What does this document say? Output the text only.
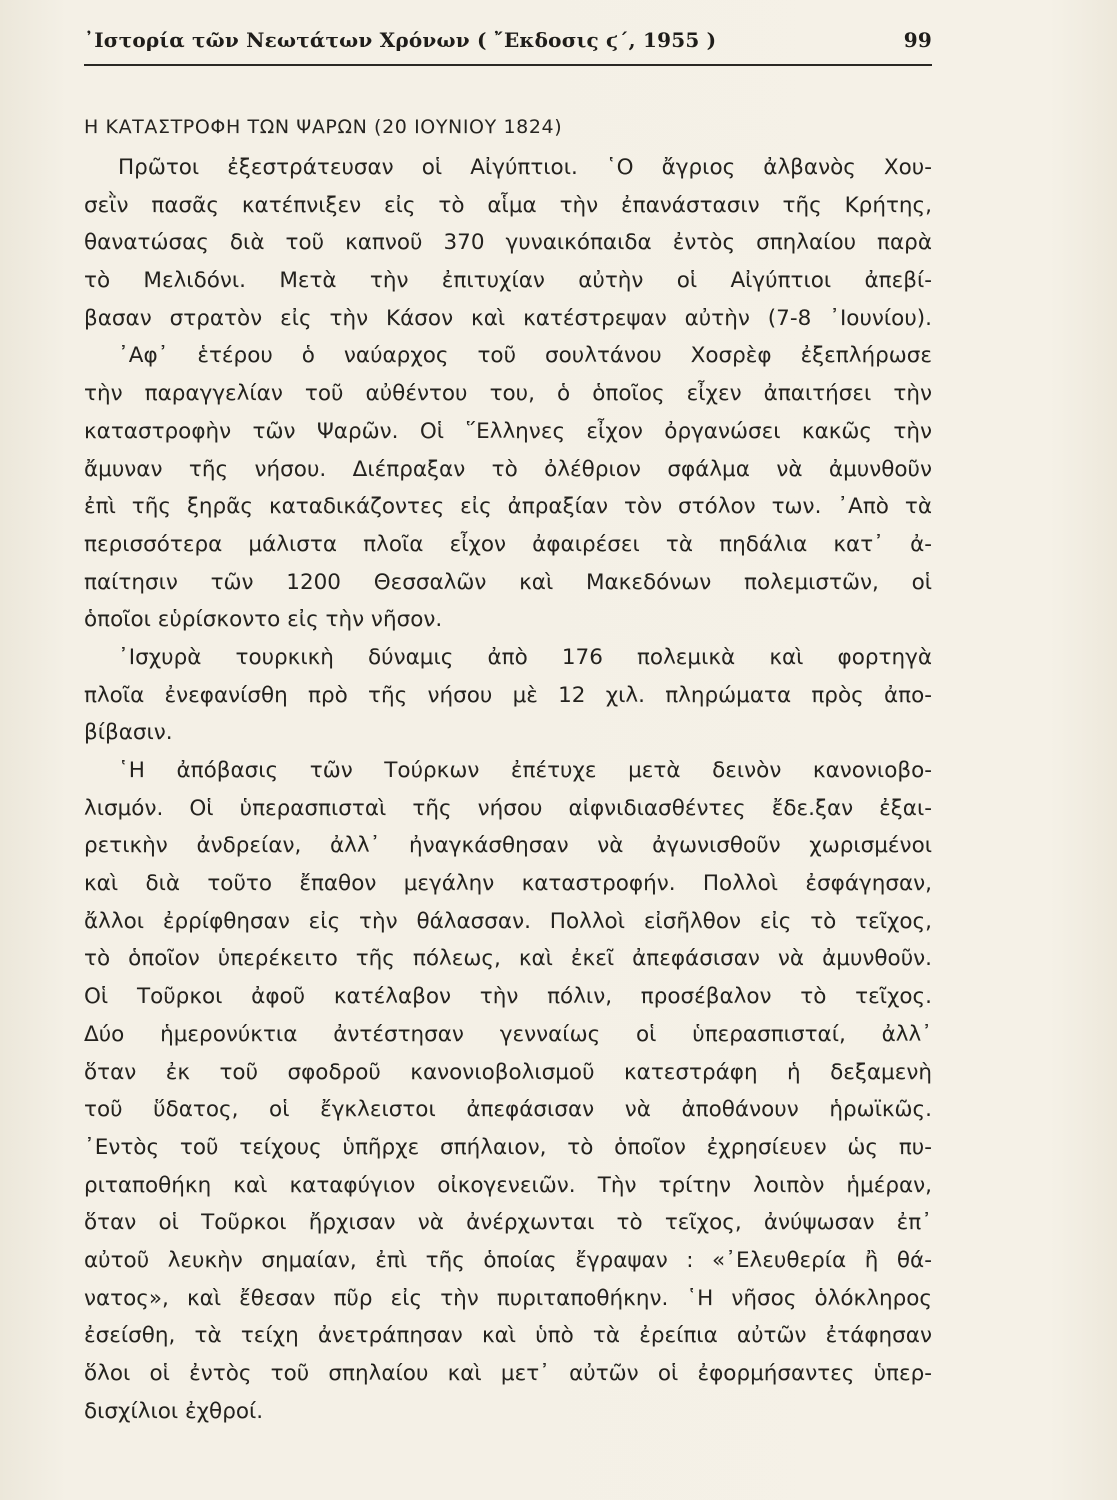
᾽Ιστορία τῶν Νεωτάτων Χρόνων ( ῎Εκδοσις ϛ΄, 1955 )	99
Η ΚΑΤΑΣΤΡΟΦΗ ΤΩΝ ΨΑΡΩΝ (20 ΙΟΥΝΙΟΥ 1824)
Πρῶτοι ἐξεστράτευσαν οἱ Αἰγύπτιοι. ῾Ο ἄγριος ἀλβανὸς Χου-
σεῒν πασᾶς κατέπνιξεν εἰς τὸ αἷμα τὴν ἐπανάστασιν τῆς Κρήτης,
θανατώσας διὰ τοῦ καπνοῦ 370 γυναικόπαιδα ἐντὸς σπηλαίου παρὰ
τὸ Μελιδόνι. Μετὰ τὴν ἐπιτυχίαν αὐτὴν οἱ Αἰγύπτιοι ἀπεβί-
βασαν στρατὸν εἰς τὴν Κάσον καὶ κατέστρεψαν αὐτὴν (7-8 ᾽Ιουνίου).
᾽Αφ᾽ ἑτέρου ὁ ναύαρχος τοῦ σουλτάνου Χοσρὲφ ἐξεπλήρωσε
τὴν παραγγελίαν τοῦ αὐθέντου του, ὁ ὁποῖος εἶχεν ἀπαιτήσει τὴν
καταστροφὴν τῶν Ψαρῶν. Οἱ ῞Ελληνες εἶχον ὀργανώσει κακῶς τὴν
ἄμυναν τῆς νήσου. Διέπραξαν τὸ ὀλέθριον σφάλμα νὰ ἀμυνθοῦν
ἐπὶ τῆς ξηρᾶς καταδικάζοντες εἰς ἀπραξίαν τὸν στόλον των. ᾽Απὸ τὰ
περισσότερα μάλιστα πλοῖα εἶχον ἀφαιρέσει τὰ πηδάλια κατ᾽ ἀ-
παίτησιν τῶν 1200 Θεσσαλῶν καὶ Μακεδόνων πολεμιστῶν, οἱ
ὁποῖοι εὑρίσκοντο εἰς τὴν νῆσον.
᾽Ισχυρὰ τουρκικὴ δύναμις ἀπὸ 176 πολεμικὰ καὶ φορτηγὰ
πλοῖα ἐνεφανίσθη πρὸ τῆς νήσου μὲ 12 χιλ. πληρώματα πρὸς ἀπο-
βίβασιν.
῾Η ἀπόβασις τῶν Τούρκων ἐπέτυχε μετὰ δεινὸν κανονιοβο-
λισμόν. Οἱ ὑπερασπισταὶ τῆς νήσου αἰφνιδιασθέντες ἔδε.ξαν ἐξαι-
ρετικὴν ἀνδρείαν, ἀλλ᾽ ἠναγκάσθησαν νὰ ἀγωνισθοῦν χωρισμένοι
καὶ διὰ τοῦτο ἔπαθον μεγάλην καταστροφήν. Πολλοὶ ἐσφάγησαν,
ἄλλοι ἐρρίφθησαν εἰς τὴν θάλασσαν. Πολλοὶ εἰσῆλθον εἰς τὸ τεῖχος,
τὸ ὁποῖον ὑπερέκειτο τῆς πόλεως, καὶ ἐκεῖ ἀπεφάσισαν νὰ ἀμυνθοῦν.
Οἱ Τοῦρκοι ἀφοῦ κατέλαβον τὴν πόλιν, προσέβαλον τὸ τεῖχος.
Δύο ἡμερονύκτια ἀντέστησαν γενναίως οἱ ὑπερασπισταί, ἀλλ᾽
ὅταν ἐκ τοῦ σφοδροῦ κανονιοβολισμοῦ κατεστράφη ἡ δεξαμενὴ
τοῦ ὕδατος, οἱ ἔγκλειστοι ἀπεφάσισαν νὰ ἀποθάνουν ἡρωϊκῶς.
᾽Εντὸς τοῦ τείχους ὑπῆρχε σπήλαιον, τὸ ὁποῖον ἐχρησίευεν ὡς πυ-
ριταποθήκη καὶ καταφύγιον οἰκογενειῶν. Τὴν τρίτην λοιπὸν ἡμέραν,
ὅταν οἱ Τοῦρκοι ἤρχισαν νὰ ἀνέρχωνται τὸ τεῖχος, ἀνύψωσαν ἐπ᾽
αὐτοῦ λευκὴν σημαίαν, ἐπὶ τῆς ὁποίας ἔγραψαν : «᾽Ελευθερία ἢ θά-
νατος», καὶ ἔθεσαν πῦρ εἰς τὴν πυριταποθήκην. ῾Η νῆσος ὁλόκληρος
ἐσείσθη, τὰ τείχη ἀνετράπησαν καὶ ὑπὸ τὰ ἐρείπια αὐτῶν ἐτάφησαν
ὅλοι οἱ ἐντὸς τοῦ σπηλαίου καὶ μετ᾽ αὐτῶν οἱ ἐφορμήσαντες ὑπερ-
δισχίλιοι ἐχθροί.
